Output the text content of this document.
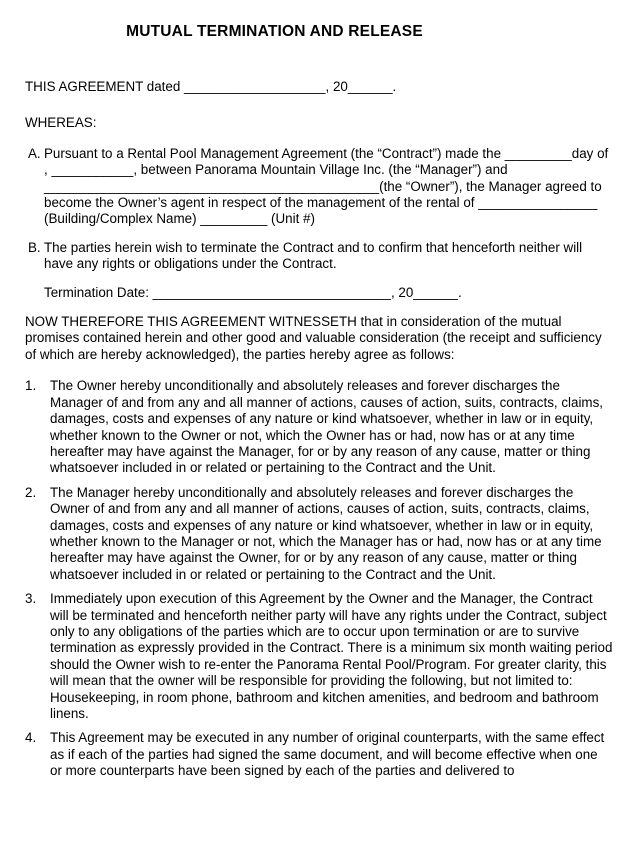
MUTUAL TERMINATION AND RELEASE

THIS AGREEMENT dated ___________________, 20______.

WHEREAS:

A. Pursuant to a Rental Pool Management Agreement (the “Contract”) made the _________day of , ___________, between Panorama Mountain Village Inc. (the “Manager”) and _____________________________________________(the “Owner”), the Manager agreed to become the Owner’s agent in respect of the management of the rental of ________________ (Building/Complex Name) _________ (Unit #)
B. The parties herein wish to terminate the Contract and to confirm that henceforth neither will have any rights or obligations under the Contract.

Termination Date: ________________________________, 20______.

NOW THEREFORE THIS AGREEMENT WITNESSETH that in consideration of the mutual promises contained herein and other good and valuable consideration (the receipt and sufficiency of which are hereby acknowledged), the parties hereby agree as follows:

1.	The Owner hereby unconditionally and absolutely releases and forever discharges the Manager of and from any and all manner of actions, causes of action, suits, contracts, claims, damages, costs and expenses of any nature or kind whatsoever, whether in law or in equity, whether known to the Owner or not, which the Owner has or had, now has or at any time hereafter may have against the Manager, for or by any reason of any cause, matter or thing whatsoever included in or related or pertaining to the Contract and the Unit.
2.	The Manager hereby unconditionally and absolutely releases and forever discharges the Owner of and from any and all manner of actions, causes of action, suits, contracts, claims, damages, costs and expenses of any nature or kind whatsoever, whether in law or in equity, whether known to the Manager or not, which the Manager has or had, now has or at any time hereafter may have against the Owner, for or by any reason of any cause, matter or thing whatsoever included in or related or pertaining to the Contract and the Unit.
3.	Immediately upon execution of this Agreement by the Owner and the Manager, the Contract will be terminated and henceforth neither party will have any rights under the Contract, subject only to any obligations of the parties which are to occur upon termination or are to survive termination as expressly provided in the Contract. There is a minimum six month waiting period should the Owner wish to re-enter the Panorama Rental Pool/Program. For greater clarity, this will mean that the owner will be responsible for providing the following, but not limited to: Housekeeping, in room phone, bathroom and kitchen amenities, and bedroom and bathroom linens.
4.	This Agreement may be executed in any number of original counterparts, with the same effect as if each of the parties had signed the same document, and will become effective when one or more counterparts have been signed by each of the parties and delivered to
